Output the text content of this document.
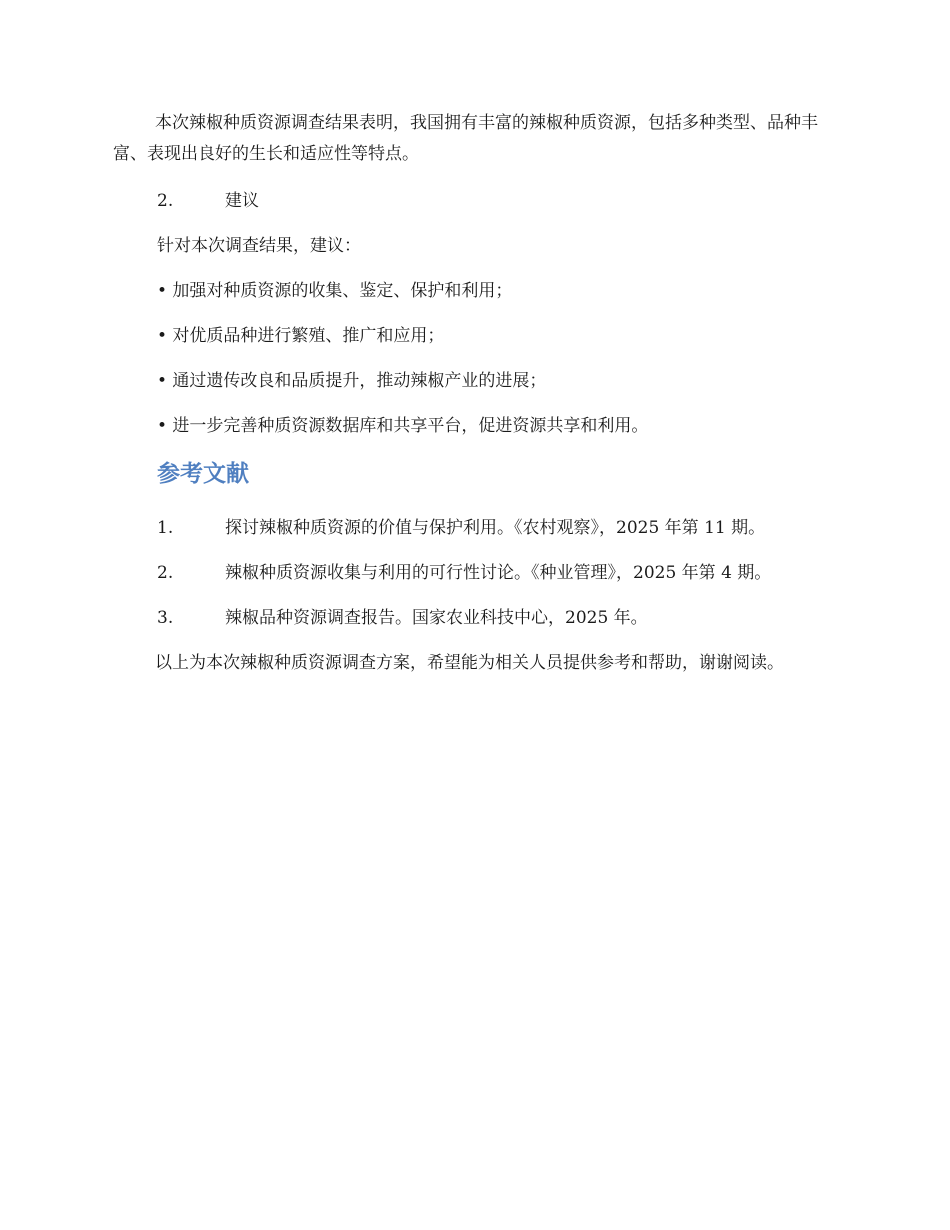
本次辣椒种质资源调查结果表明，我国拥有丰富的辣椒种质资源，包括多种类型、品种丰富、表现出良好的生长和适应性等特点。

2.	建议

针对本次调查结果，建议：

• 加强对种质资源的收集、鉴定、保护和利用；

• 对优质品种进行繁殖、推广和应用；

• 通过遗传改良和品质提升，推动辣椒产业的进展；

• 进一步完善种质资源数据库和共享平台，促进资源共享和利用。

参考文献
1.	探讨辣椒种质资源的价值与保护利用。《农村观察》，2025 年第 11 期。
2.	辣椒种质资源收集与利用的可行性讨论。《种业管理》，2025 年第 4 期。
3.	辣椒品种资源调查报告。国家农业科技中心，2025 年。

以上为本次辣椒种质资源调查方案，希望能为相关人员提供参考和帮助，谢谢阅读。
